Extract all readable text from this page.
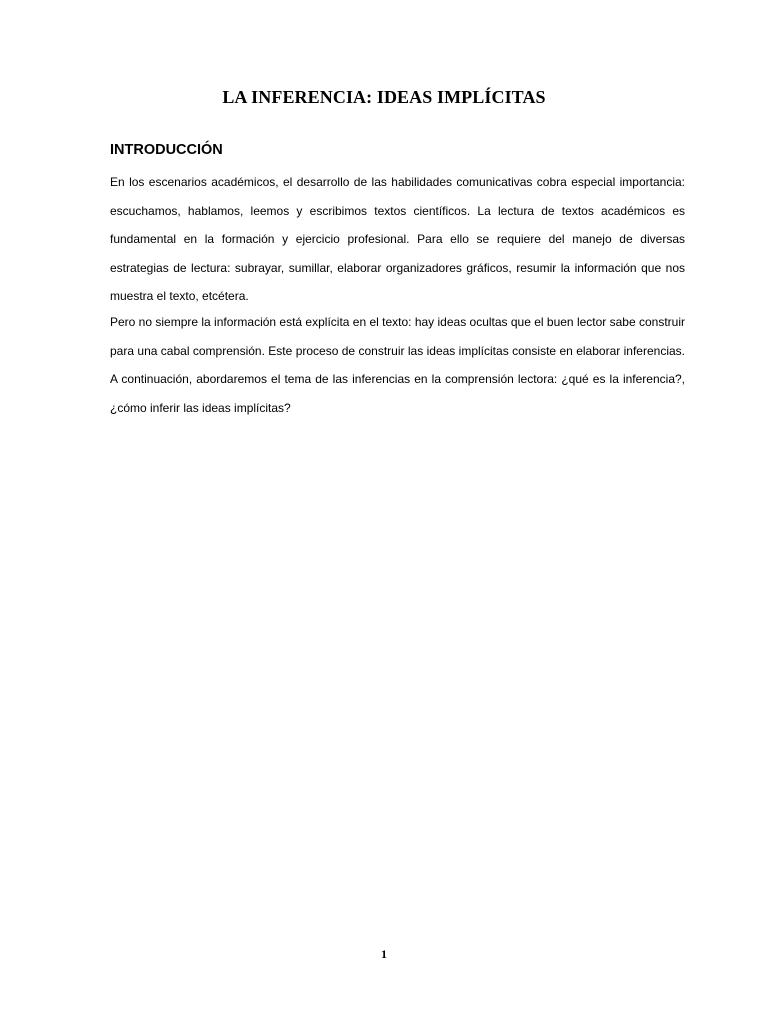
LA INFERENCIA: IDEAS IMPLÍCITAS
INTRODUCCIÓN

En los escenarios académicos, el desarrollo de las habilidades comunicativas cobra especial importancia: escuchamos, hablamos, leemos y escribimos textos científicos. La lectura de textos académicos es fundamental en la formación y ejercicio profesional. Para ello se requiere del manejo de diversas estrategias de lectura: subrayar, sumillar, elaborar organizadores gráficos, resumir la información que nos muestra el texto, etcétera.

Pero no siempre la información está explícita en el texto: hay ideas ocultas que el buen lector sabe construir para una cabal comprensión. Este proceso de construir las ideas implícitas consiste en elaborar inferencias. A continuación, abordaremos el tema de las inferencias en la comprensión lectora: ¿qué es la inferencia?, ¿cómo inferir las ideas implícitas?

1
